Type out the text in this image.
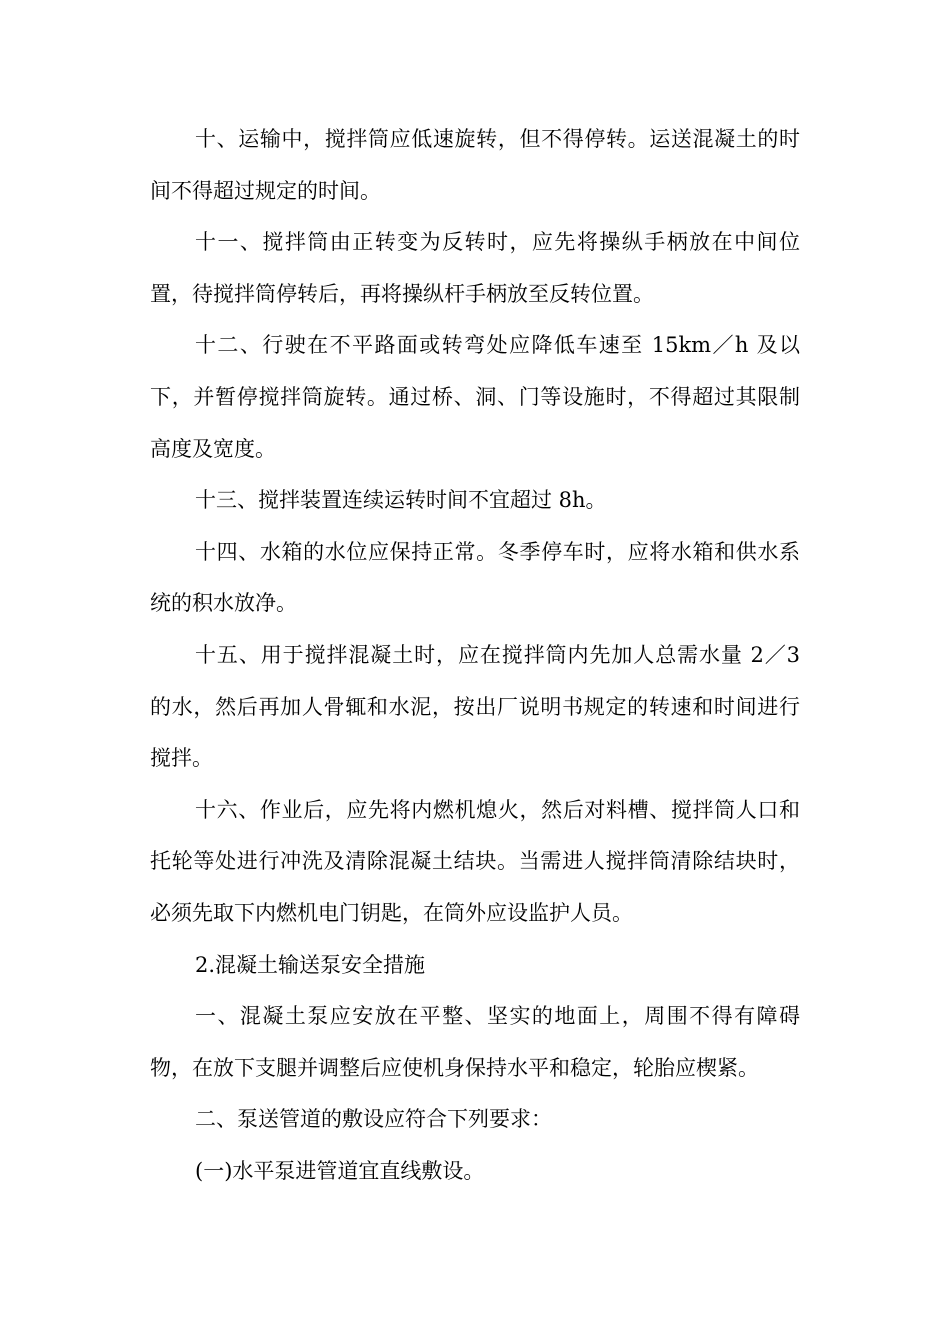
十、运输中，搅拌筒应低速旋转，但不得停转。运送混凝土的时间不得超过规定的时间。

十一、搅拌筒由正转变为反转时，应先将操纵手柄放在中间位置，待搅拌筒停转后，再将操纵杆手柄放至反转位置。

十二、行驶在不平路面或转弯处应降低车速至 15km／h 及以下，并暂停搅拌筒旋转。通过桥、洞、门等设施时，不得超过其限制高度及宽度。

十三、搅拌装置连续运转时间不宜超过 8h。

十四、水箱的水位应保持正常。冬季停车时，应将水箱和供水系统的积水放净。

十五、用于搅拌混凝土时，应在搅拌筒内先加人总需水量 2／3 的水，然后再加人骨辄和水泥，按出厂说明书规定的转速和时间进行搅拌。

十六、作业后，应先将内燃机熄火，然后对料槽、搅拌筒人口和托轮等处进行冲洗及清除混凝土结块。当需进人搅拌筒清除结块时，必须先取下内燃机电门钥匙，在筒外应设监护人员。

2.混凝土输送泵安全措施

一、混凝土泵应安放在平整、坚实的地面上，周围不得有障碍物，在放下支腿并调整后应使机身保持水平和稳定，轮胎应楔紧。

二、泵送管道的敷设应符合下列要求：

(一)水平泵进管道宜直线敷设。
